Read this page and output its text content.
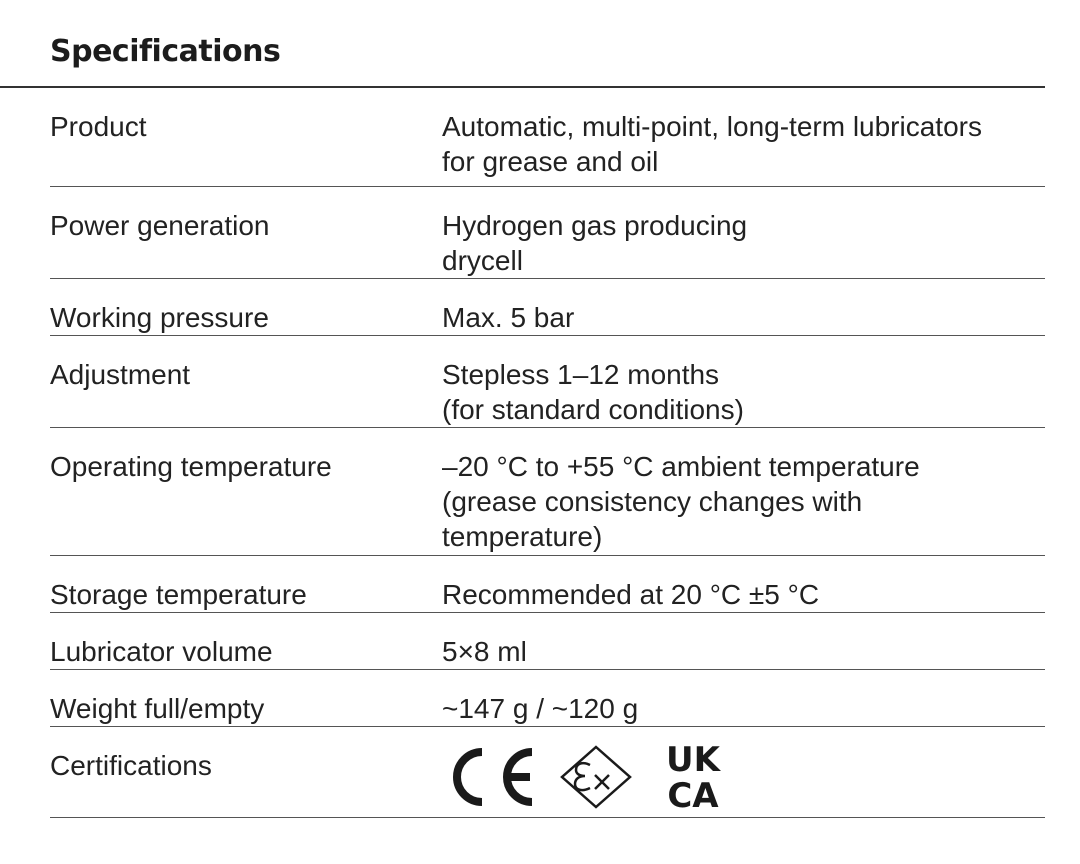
Specifications
Product	Automatic, multi-point, long-term lubricators
for grease and oil
Power generation	Hydrogen gas producing
drycell
Working pressure	Max. 5 bar
Adjustment	Stepless 1–12 months
(for standard conditions)
Operating temperature	–20 °C to +55 °C ambient temperature
(grease consistency changes with
temperature)
Storage temperature	Recommended at 20 °C ±5 °C
Lubricator volume	5×8 ml
Weight full/empty	~147 g / ~120 g
Certifications	UK
CA
